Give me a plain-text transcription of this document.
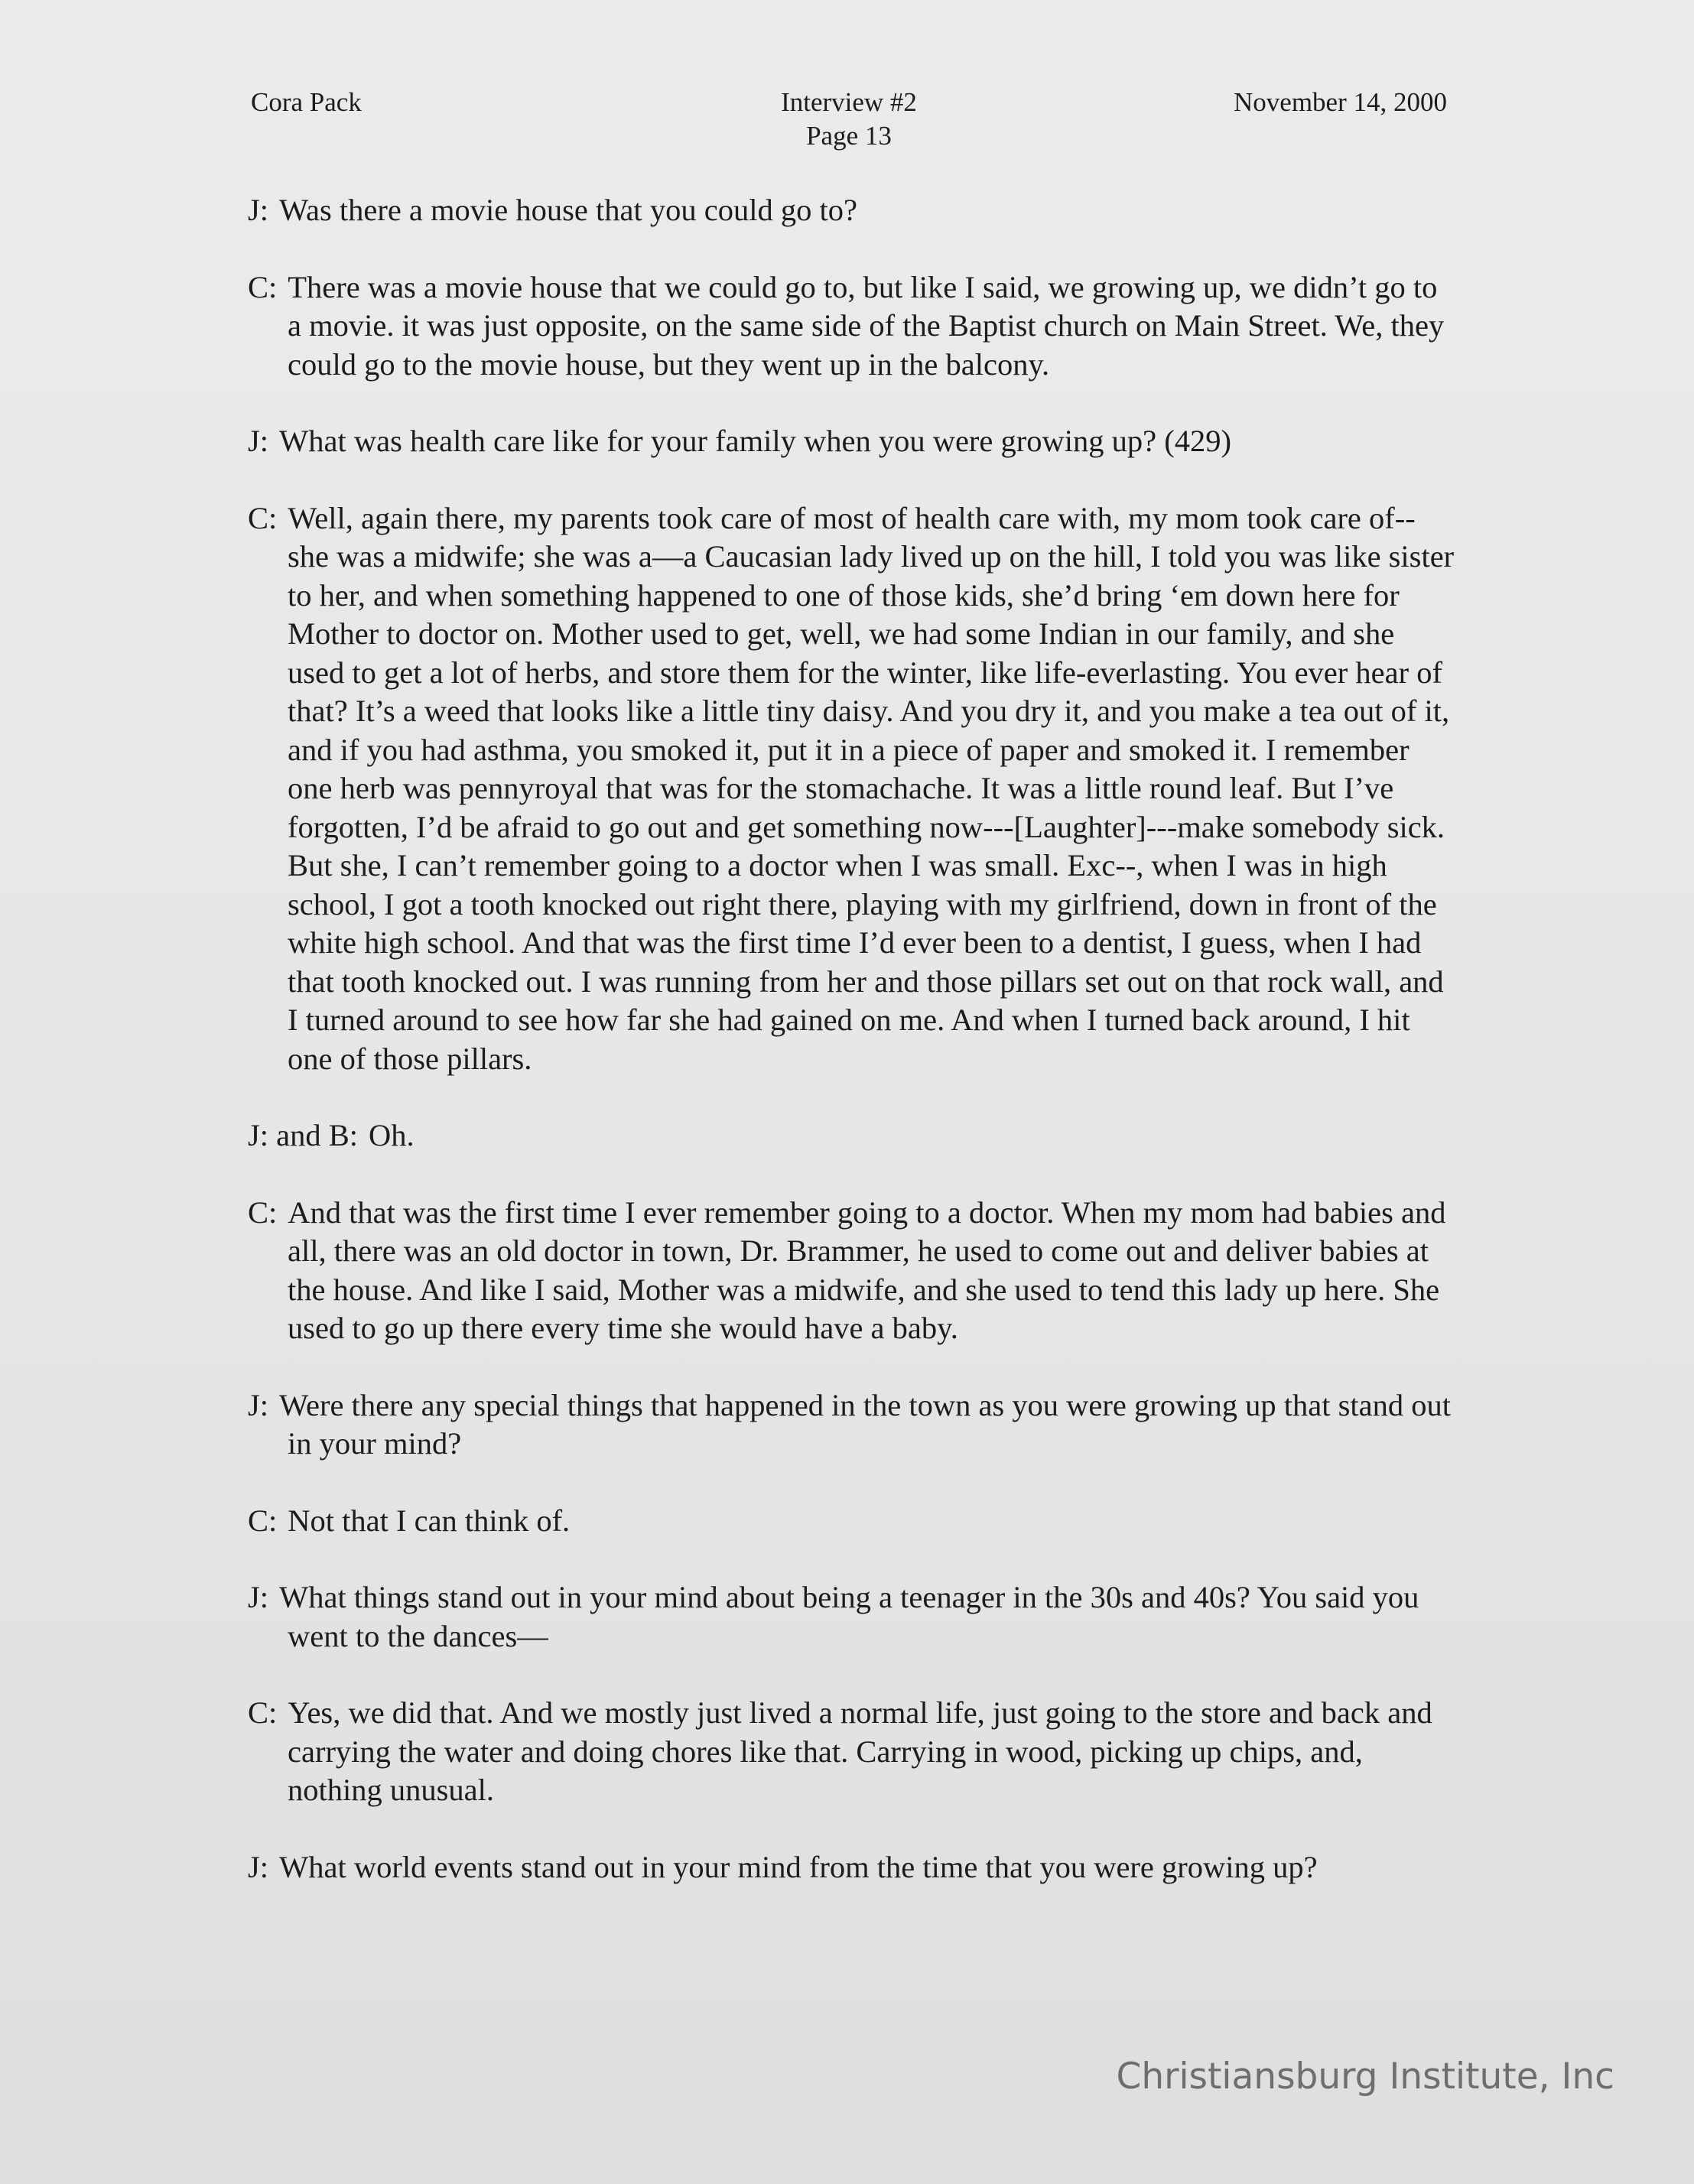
Cora Pack	Interview #2
Page 13
November 14, 2000

J: Was there a movie house that you could go to?

C: There was a movie house that we could go to, but like I said, we growing up, we didn’t go to a movie. it was just opposite, on the same side of the Baptist church on Main Street. We, they could go to the movie house, but they went up in the balcony.

J: What was health care like for your family when you were growing up? (429)

C: Well, again there, my parents took care of most of health care with, my mom took care of-- she was a midwife; she was a—a Caucasian lady lived up on the hill, I told you was like sister to her, and when something happened to one of those kids, she’d bring ‘em down here for Mother to doctor on. Mother used to get, well, we had some Indian in our family, and she used to get a lot of herbs, and store them for the winter, like life-everlasting. You ever hear of that? It’s a weed that looks like a little tiny daisy. And you dry it, and you make a tea out of it, and if you had asthma, you smoked it, put it in a piece of paper and smoked it. I remember one herb was pennyroyal that was for the stomachache. It was a little round leaf. But I’ve forgotten, I’d be afraid to go out and get something now---[Laughter]---make somebody sick. But she, I can’t remember going to a doctor when I was small. Exc--, when I was in high school, I got a tooth knocked out right there, playing with my girlfriend, down in front of the white high school. And that was the first time I’d ever been to a dentist, I guess, when I had that tooth knocked out. I was running from her and those pillars set out on that rock wall, and I turned around to see how far she had gained on me. And when I turned back around, I hit one of those pillars.

J: and B: Oh.

C: And that was the first time I ever remember going to a doctor. When my mom had babies and all, there was an old doctor in town, Dr. Brammer, he used to come out and deliver babies at the house. And like I said, Mother was a midwife, and she used to tend this lady up here. She used to go up there every time she would have a baby.

J: Were there any special things that happened in the town as you were growing up that stand out in your mind?

C: Not that I can think of.

J: What things stand out in your mind about being a teenager in the 30s and 40s? You said you went to the dances—

C: Yes, we did that. And we mostly just lived a normal life, just going to the store and back and carrying the water and doing chores like that. Carrying in wood, picking up chips, and, nothing unusual.

J: What world events stand out in your mind from the time that you were growing up?

Christiansburg Institute, Inc
